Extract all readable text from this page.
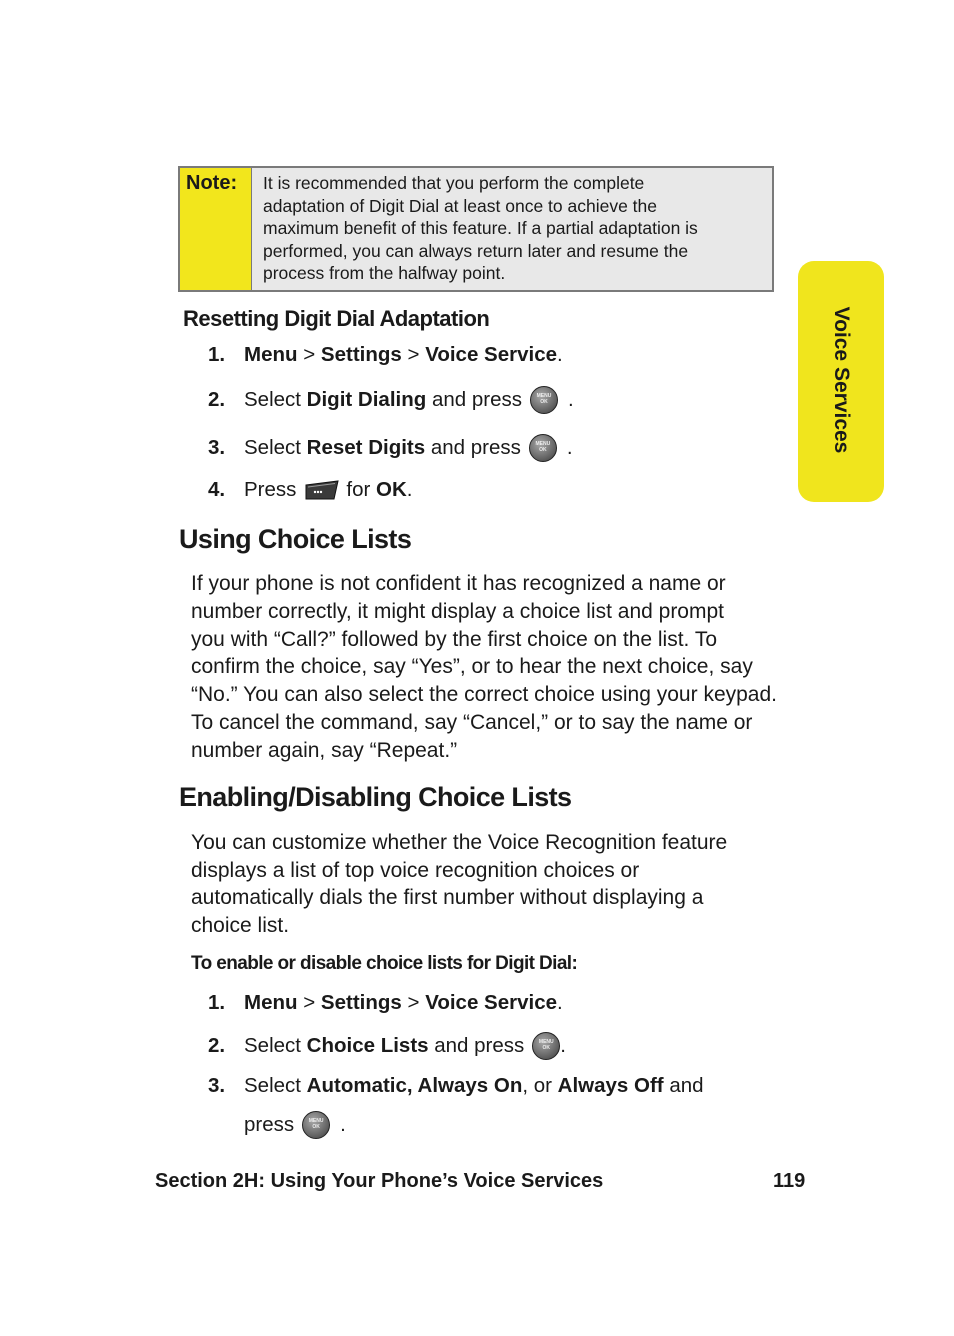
Note:	It is recommended that you perform the complete
adaptation of Digit Dial at least once to achieve the
maximum benefit of this feature. If a partial adaptation is
performed, you can always return later and resume the
process from the halfway point.
Voice Services
Resetting Digit Dial Adaptation
1. Menu
>
Settings
>
Voice Service .
2. Select Digit Dialing and press	MENU
OK .
3. Select Reset Digits and press	MENU
OK .
4. Press for OK .
Using Choice Lists
If your phone is not confident it has recognized a name or
number correctly, it might display a choice list and prompt
you with “Call?” followed by the first choice on the list. To
confirm the choice, say “Yes”, or to hear the next choice, say
“No.” You can also select the correct choice using your keypad.
To cancel the command, say “Cancel,” or to say the name or
number again, say “Repeat.”
Enabling/Disabling Choice Lists
You can customize whether the Voice Recognition feature
displays a list of top voice recognition choices or
automatically dials the first number without displaying a
choice list.
To enable or disable choice lists for Digit Dial:
1. Menu
>
Settings
>
Voice Service .
2. Select Choice Lists and press	MENU
OK .
3. Select Automatic, Always On , or Always Off and
press	MENU
OK .
Section 2H: Using Your Phone’s Voice Services	119
